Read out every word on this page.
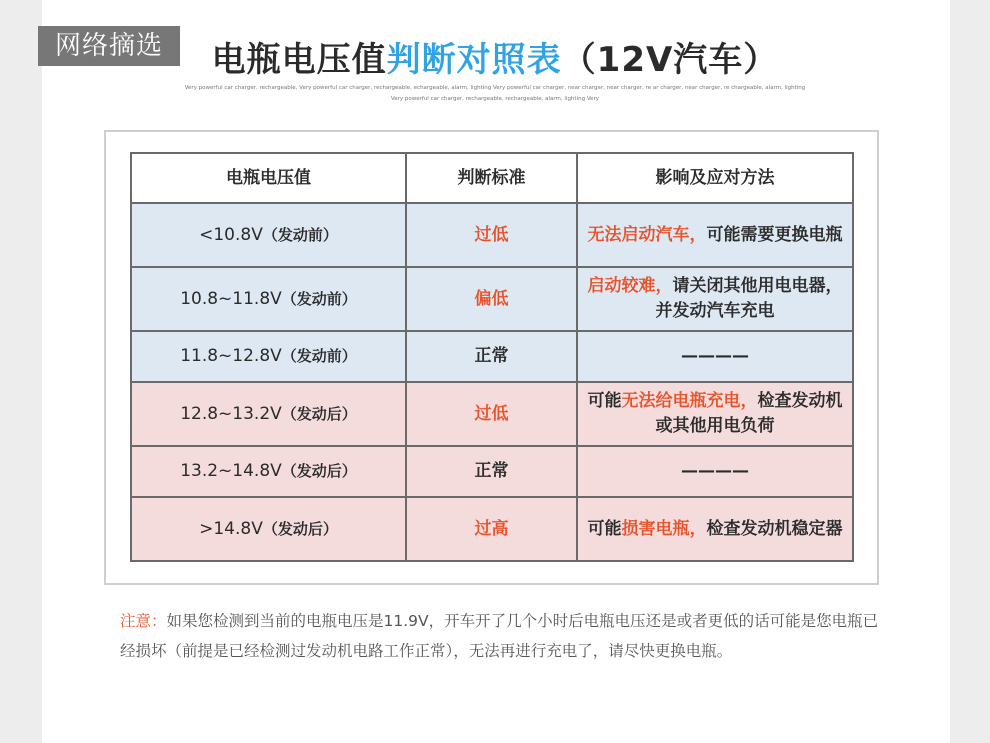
网络摘选	电瓶电压值判断对照表（12V汽车）
Very powerful car charger, rechargeable, Very powerful car charger, rechargeable, echargeable, alarm, lighting Very powerful car charger, near charger, near charger, re ar charger, near charger, re chargeable, alarm, lighting
Very powerful car charger, rechargeable, rechargeable, alarm, lighting Very
电瓶电压值	判断标准	影响及应对方法
<10.8V（发动前）	过低	无法启动汽车，可能需要更换电瓶
10.8~11.8V（发动前）	偏低	启动较难，请关闭其他用电电器，并发动汽车充电
11.8~12.8V（发动前）	正常	————
12.8~13.2V（发动后）	过低	可能无法给电瓶充电，检查发动机或其他用电负荷
13.2~14.8V（发动后）	正常	————
>14.8V（发动后）	过高	可能损害电瓶，检查发动机稳定器
注意：如果您检测到当前的电瓶电压是11.9V，开车开了几个小时后电瓶电压还是或者更低的话可能是您电瓶已经损坏（前提是已经检测过发动机电路工作正常），无法再进行充电了，请尽快更换电瓶。
